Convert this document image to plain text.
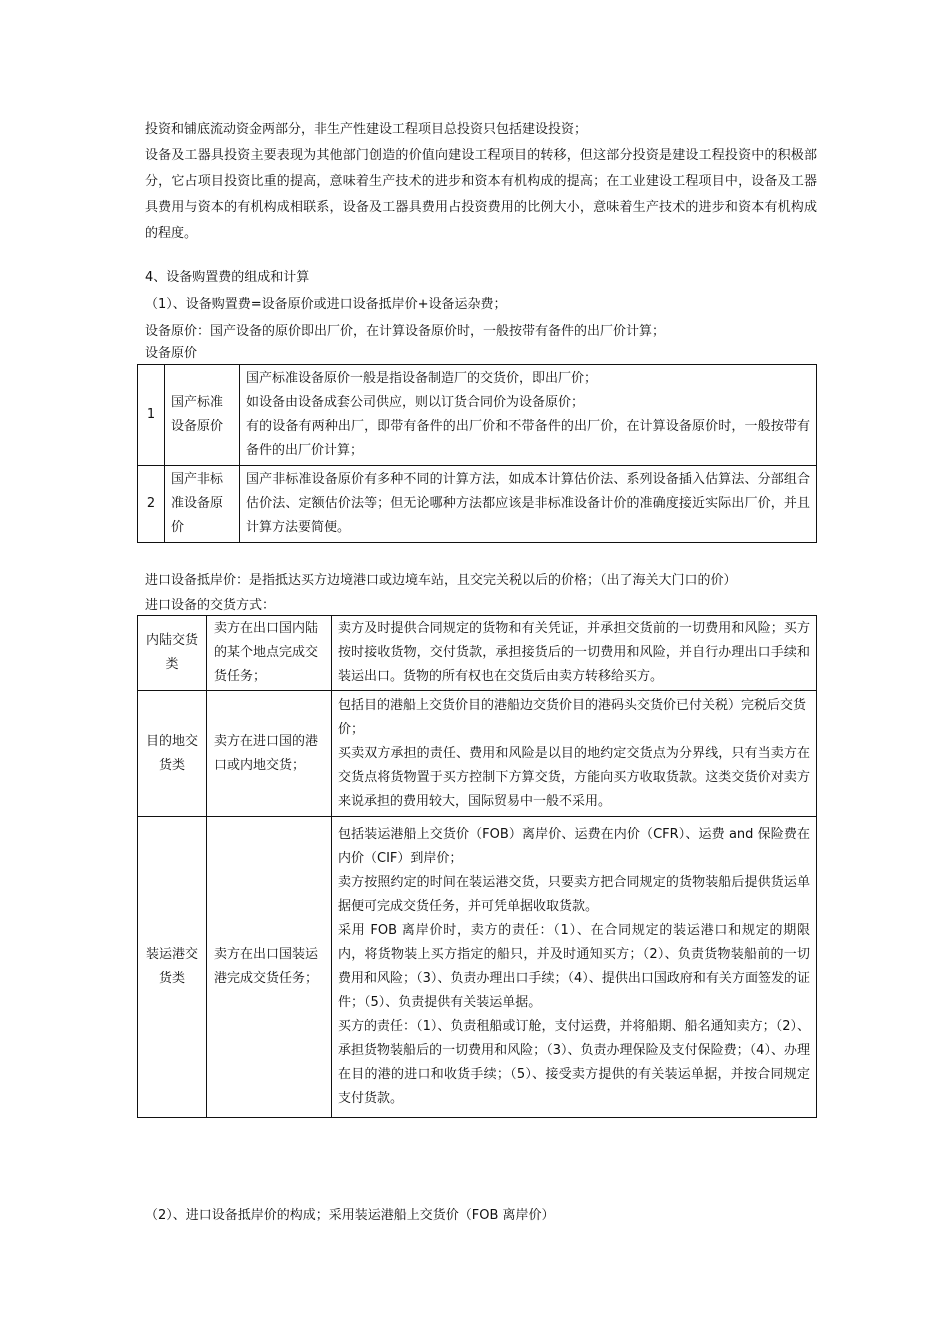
投资和铺底流动资金两部分，非生产性建设工程项目总投资只包括建设投资；
设备及工器具投资主要表现为其他部门创造的价值向建设工程项目的转移，但这部分投资是建设工程投资中的积极部分，它占项目投资比重的提高，意味着生产技术的进步和资本有机构成的提高；在工业建设工程项目中，设备及工器具费用与资本的有机构成相联系，设备及工器具费用占投资费用的比例大小，意味着生产技术的进步和资本有机构成的程度。
4、设备购置费的组成和计算
（1）、设备购置费=设备原价或进口设备抵岸价+设备运杂费；
设备原价：国产设备的原价即出厂价，在计算设备原价时，一般按带有备件的出厂价计算；
设备原价
1	国产标准设备原价	国产标准设备原价一般是指设备制造厂的交货价，即出厂价；
如设备由设备成套公司供应，则以订货合同价为设备原价；
有的设备有两种出厂，即带有备件的出厂价和不带备件的出厂价，在计算设备原价时，一般按带有备件的出厂价计算；

2	国产非标准设备原价	国产非标准设备原价有多种不同的计算方法，如成本计算估价法、系列设备插入估算法、分部组合估价法、定额估价法等；但无论哪种方法都应该是非标准设备计价的准确度接近实际出厂价，并且计算方法要简便。
进口设备抵岸价：是指抵达买方边境港口或边境车站，且交完关税以后的价格；（出了海关大门口的价）
进口设备的交货方式：
内陆交货类	卖方在出口国内陆的某个地点完成交货任务；	卖方及时提供合同规定的货物和有关凭证，并承担交货前的一切费用和风险；买方按时接收货物，交付货款，承担接货后的一切费用和风险，并自行办理出口手续和装运出口。货物的所有权也在交货后由卖方转移给买方。

目的地交货类	卖方在进口国的港口或内地交货；	包括目的港船上交货价目的港船边交货价目的港码头交货价已付关税）完税后交货价；
买卖双方承担的责任、费用和风险是以目的地约定交货点为分界线，只有当卖方在交货点将货物置于买方控制下方算交货，方能向买方收取货款。这类交货价对卖方来说承担的费用较大，国际贸易中一般不采用。

装运港交货类	卖方在出口国装运港完成交货任务；	包括装运港船上交货价（FOB）离岸价、运费在内价（CFR）、运费 and 保险费在内价（CIF）到岸价；
卖方按照约定的时间在装运港交货，只要卖方把合同规定的货物装船后提供货运单据便可完成交货任务，并可凭单据收取货款。
采用 FOB 离岸价时，卖方的责任：（1）、在合同规定的装运港口和规定的期限内，将货物装上买方指定的船只，并及时通知买方；（2）、负责货物装船前的一切费用和风险；（3）、负责办理出口手续；（4）、提供出口国政府和有关方面签发的证件；（5）、负责提供有关装运单据。
买方的责任：（1）、负责租船或订舱，支付运费，并将船期、船名通知卖方；（2）、承担货物装船后的一切费用和风险；（3）、负责办理保险及支付保险费；（4）、办理在目的港的进口和收货手续；（5）、接受卖方提供的有关装运单据，并按合同规定支付货款。
（2）、进口设备抵岸价的构成；采用装运港船上交货价（FOB 离岸价）
